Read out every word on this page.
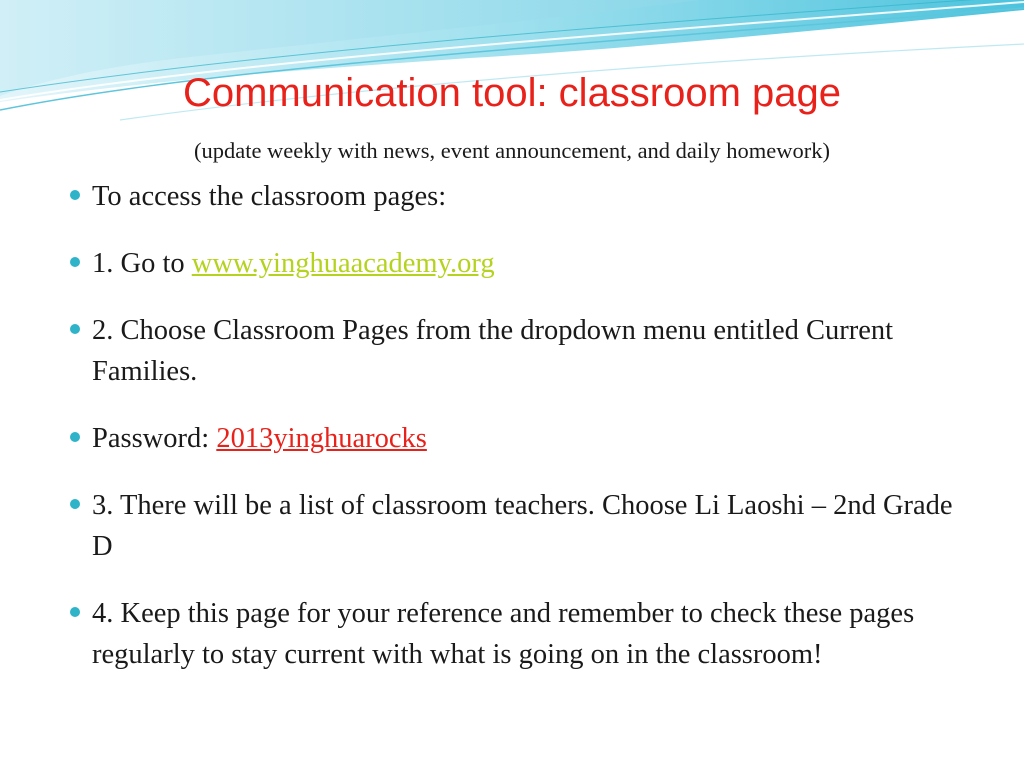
Communication tool: classroom page

(update weekly with news, event announcement, and daily homework)

To access the classroom pages:
1. Go to www.yinghuaacademy.org
2. Choose Classroom Pages from the dropdown menu entitled Current Families.
Password: 2013yinghuarocks
3. There will be a list of classroom teachers. Choose Li Laoshi – 2nd Grade D
4. Keep this page for your reference and remember to check these pages regularly to stay current with what is going on in the classroom!
